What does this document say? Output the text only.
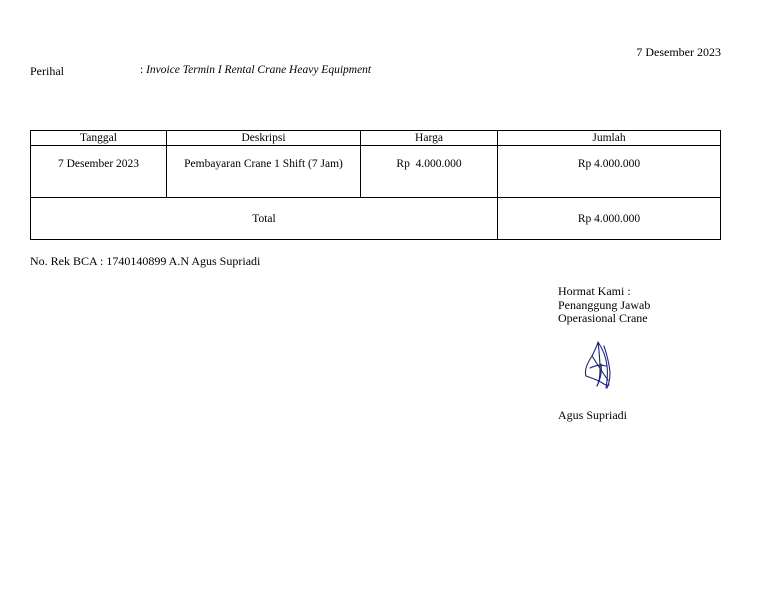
7 Desember 2023
Perihal	: Invoice Termin I Rental Crane Heavy Equipment
Tanggal	Deskripsi	Harga	Jumlah
7 Desember 2023	Pembayaran Crane 1 Shift (7 Jam)	Rp  4.000.000	Rp 4.000.000
Total			Rp 4.000.000
No. Rek BCA : 1740140899 A.N Agus Supriadi
Hormat Kami :
Penanggung Jawab
Operasional Crane
Agus Supriadi
